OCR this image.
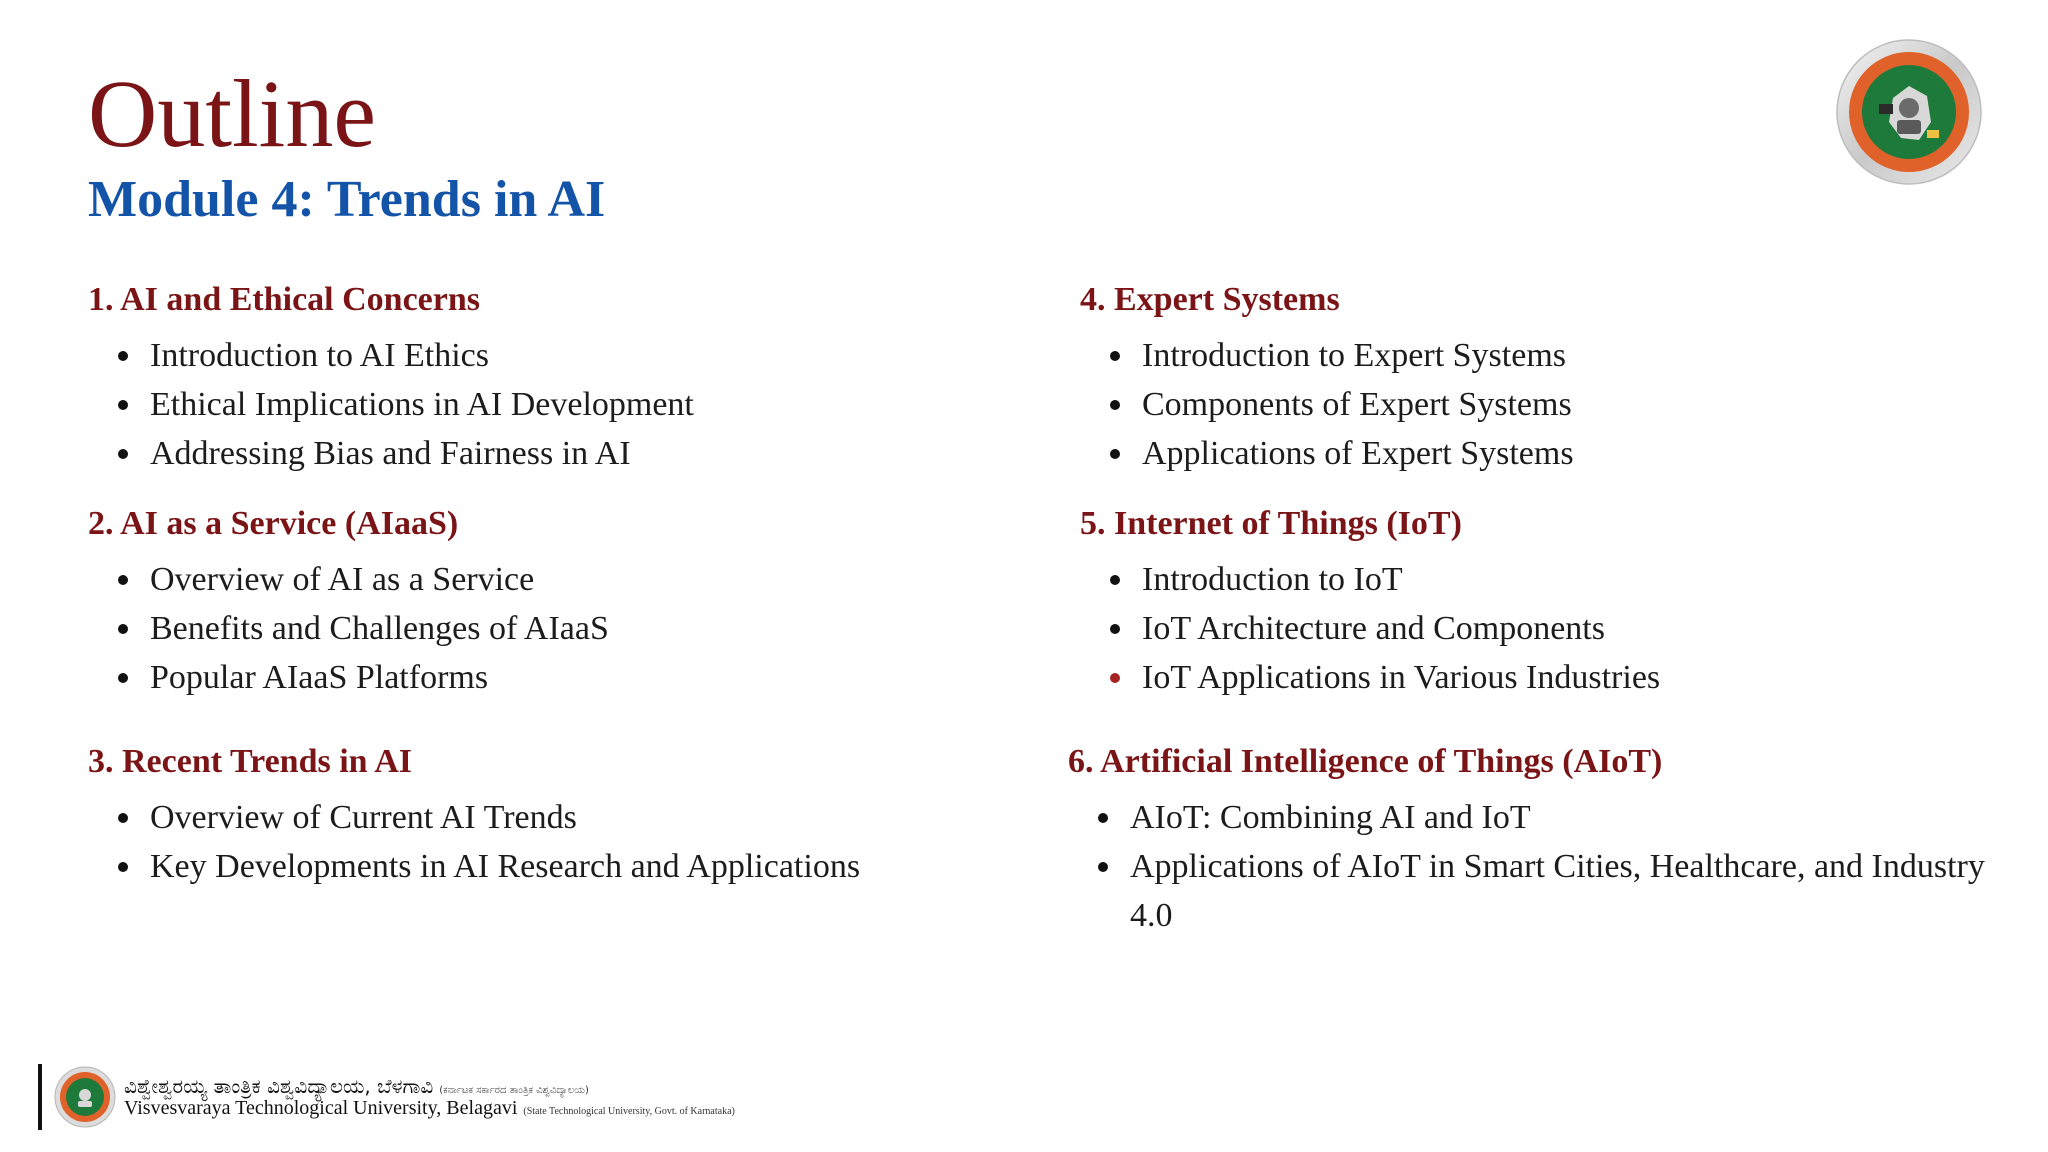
Outline
Module 4: Trends in AI
1. AI and Ethical Concerns
Introduction to AI Ethics
Ethical Implications in AI Development
Addressing Bias and Fairness in AI
2. AI as a Service (AIaaS)
Overview of AI as a Service
Benefits and Challenges of AIaaS
Popular AIaaS Platforms
3. Recent Trends in AI
Overview of Current AI Trends
Key Developments in AI Research and Applications
4. Expert Systems
Introduction to Expert Systems
Components of Expert Systems
Applications of Expert Systems
5. Internet of Things (IoT)
Introduction to IoT
IoT Architecture and Components
IoT Applications in Various Industries
6. Artificial Intelligence of Things (AIoT)
AIoT: Combining AI and IoT
Applications of AIoT in Smart Cities, Healthcare, and Industry 4.0
ವಿಶ್ವೇಶ್ವರಯ್ಯ ತಾಂತ್ರಿಕ ವಿಶ್ವವಿದ್ಯಾಲಯ, ಬೆಳಗಾವಿ (ಕರ್ನಾಟಕ ಸರ್ಕಾರದ ತಾಂತ್ರಿಕ ವಿಶ್ವವಿದ್ಯಾಲಯ)
Visvesvaraya Technological University, Belagavi (State Technological University, Govt. of Karnataka)
